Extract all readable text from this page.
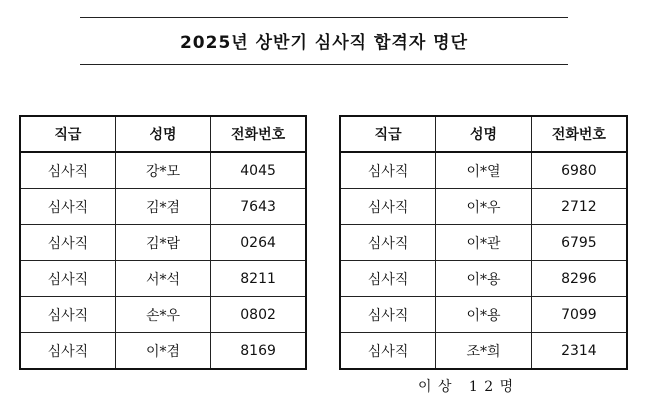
2025년 상반기 심사직 합격자 명단
직급	성명	전화번호
심사직	강*모	4045
심사직	김*겸	7643
심사직	김*람	0264
심사직	서*석	8211
심사직	손*우	0802
심사직	이*겸	8169
직급	성명	전화번호
심사직	이*열	6980
심사직	이*우	2712
심사직	이*관	6795
심사직	이*용	8296
심사직	이*용	7099
심사직	조*희	2314
이 상   1 2 명
